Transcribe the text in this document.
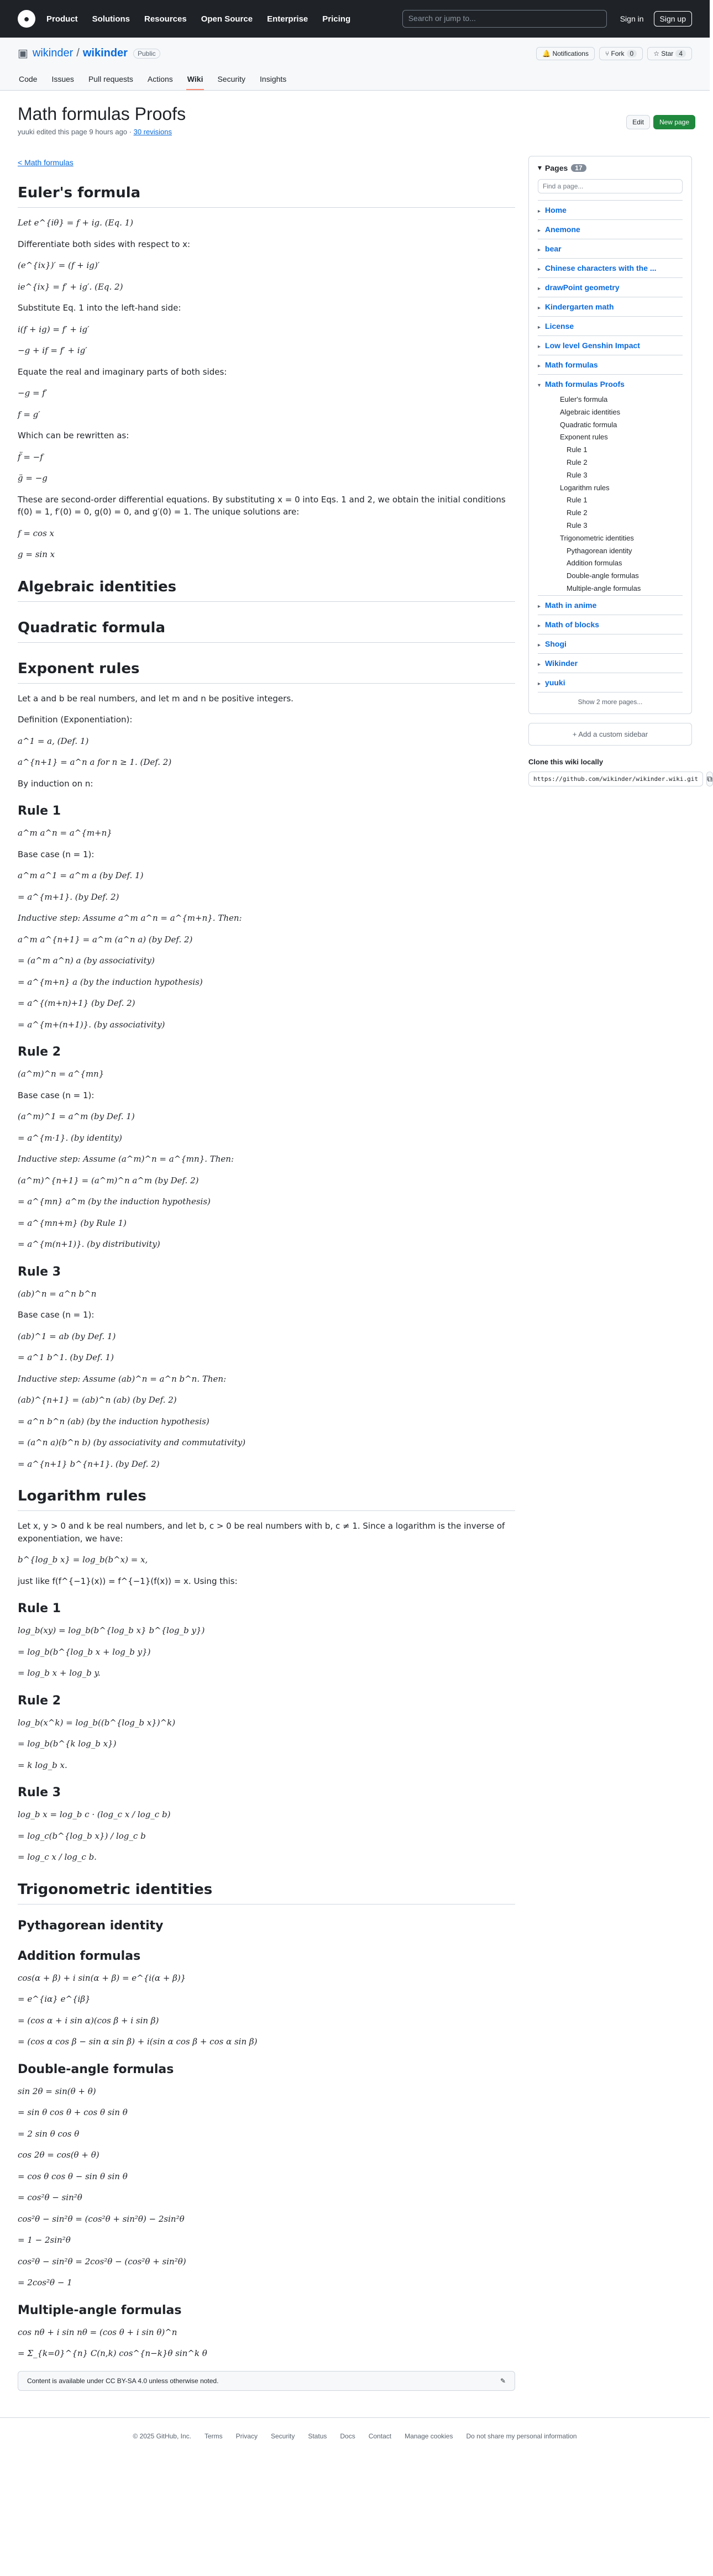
●	Product Solutions Resources Open Source Enterprise Pricing	Search or jump to...	Sign in	Sign up
▣ wikinder / wikinder	Public	🔔 Notifications	⑂ Fork 0	☆ Star 4
Code Issues Pull requests Actions Wiki Security Insights
Edit	New page
Math formulas Proofs
yuuki edited this page 9 hours ago · 30 revisions
< Math formulas
Euler's formula

Let e^{iθ} = f + ig. (Eq. 1)

Differentiate both sides with respect to x:

(e^{ix})′ = (f + ig)′

ie^{ix} = f′ + ig′. (Eq. 2)

Substitute Eq. 1 into the left-hand side:

i(f + ig) = f′ + ig′

−g + if = f′ + ig′

Equate the real and imaginary parts of both sides:

−g = f′

f = g′

Which can be rewritten as:

f̈ = −f

g̈ = −g

These are second-order differential equations. By substituting x = 0 into Eqs. 1 and 2, we obtain the initial conditions f(0) = 1, f′(0) = 0, g(0) = 0, and g′(0) = 1. The unique solutions are:

f = cos x

g = sin x

Algebraic identities
Quadratic formula
Exponent rules

Let a and b be real numbers, and let m and n be positive integers.

Definition (Exponentiation):

a^1 = a, (Def. 1)

a^{n+1} = a^n a for n ≥ 1. (Def. 2)

By induction on n:

Rule 1

a^m a^n = a^{m+n}

Base case (n = 1):

a^m a^1 = a^m a (by Def. 1)

= a^{m+1}. (by Def. 2)

Inductive step: Assume a^m a^n = a^{m+n}. Then:

a^m a^{n+1} = a^m (a^n a) (by Def. 2)

= (a^m a^n) a (by associativity)

= a^{m+n} a (by the induction hypothesis)

= a^{(m+n)+1} (by Def. 2)

= a^{m+(n+1)}. (by associativity)

Rule 2

(a^m)^n = a^{mn}

Base case (n = 1):

(a^m)^1 = a^m (by Def. 1)

= a^{m·1}. (by identity)

Inductive step: Assume (a^m)^n = a^{mn}. Then:

(a^m)^{n+1} = (a^m)^n a^m (by Def. 2)

= a^{mn} a^m (by the induction hypothesis)

= a^{mn+m} (by Rule 1)

= a^{m(n+1)}. (by distributivity)

Rule 3

(ab)^n = a^n b^n

Base case (n = 1):

(ab)^1 = ab (by Def. 1)

= a^1 b^1. (by Def. 1)

Inductive step: Assume (ab)^n = a^n b^n. Then:

(ab)^{n+1} = (ab)^n (ab) (by Def. 2)

= a^n b^n (ab) (by the induction hypothesis)

= (a^n a)(b^n b) (by associativity and commutativity)

= a^{n+1} b^{n+1}. (by Def. 2)

Logarithm rules

Let x, y > 0 and k be real numbers, and let b, c > 0 be real numbers with b, c ≠ 1. Since a logarithm is the inverse of exponentiation, we have:

b^{log_b x} = log_b(b^x) = x,

just like f(f^{−1}(x)) = f^{−1}(f(x)) = x. Using this:

Rule 1

log_b(xy) = log_b(b^{log_b x} b^{log_b y})

= log_b(b^{log_b x + log_b y})

= log_b x + log_b y.

Rule 2

log_b(x^k) = log_b((b^{log_b x})^k)

= log_b(b^{k log_b x})

= k log_b x.

Rule 3

log_b x = log_b c · (log_c x / log_c b)

= log_c(b^{log_b x}) / log_c b

= log_c x / log_c b.

Trigonometric identities
Pythagorean identity
Addition formulas

cos(α + β) + i sin(α + β) = e^{i(α + β)}

= e^{iα} e^{iβ}

= (cos α + i sin α)(cos β + i sin β)

= (cos α cos β − sin α sin β) + i(sin α cos β + cos α sin β)

Double-angle formulas

sin 2θ = sin(θ + θ)

= sin θ cos θ + cos θ sin θ

= 2 sin θ cos θ

cos 2θ = cos(θ + θ)

= cos θ cos θ − sin θ sin θ

= cos²θ − sin²θ

cos²θ − sin²θ = (cos²θ + sin²θ) − 2sin²θ

= 1 − 2sin²θ

cos²θ − sin²θ = 2cos²θ − (cos²θ + sin²θ)

= 2cos²θ − 1

Multiple-angle formulas

cos nθ + i sin nθ = (cos θ + i sin θ)^n

= Σ_{k=0}^{n} C(n,k) cos^{n−k}θ sin^k θ

Content is available under CC BY-SA 4.0 unless otherwise noted.	✎
▾ Pages	17
Find a page...
▸ Home
▸ Anemone
▸ bear
▸ Chinese characters with the ...
▸ drawPoint geometry
▸ Kindergarten math
▸ License
▸ Low level Genshin Impact
▸ Math formulas
▾ Math formulas Proofs
Euler's formula
Algebraic identities
Quadratic formula
Exponent rules
Rule 1
Rule 2
Rule 3
Logarithm rules
Rule 1
Rule 2
Rule 3
Trigonometric identities
Pythagorean identity
Addition formulas
Double-angle formulas
Multiple-angle formulas
▸ Math in anime
▸ Math of blocks
▸ Shogi
▸ Wikinder
▸ yuuki
Show 2 more pages...
+ Add a custom sidebar
Clone this wiki locally
https://github.com/wikinder/wikinder.wiki.git	⧉
© 2025 GitHub, Inc. Terms Privacy Security Status Docs Contact Manage cookies Do not share my personal information
